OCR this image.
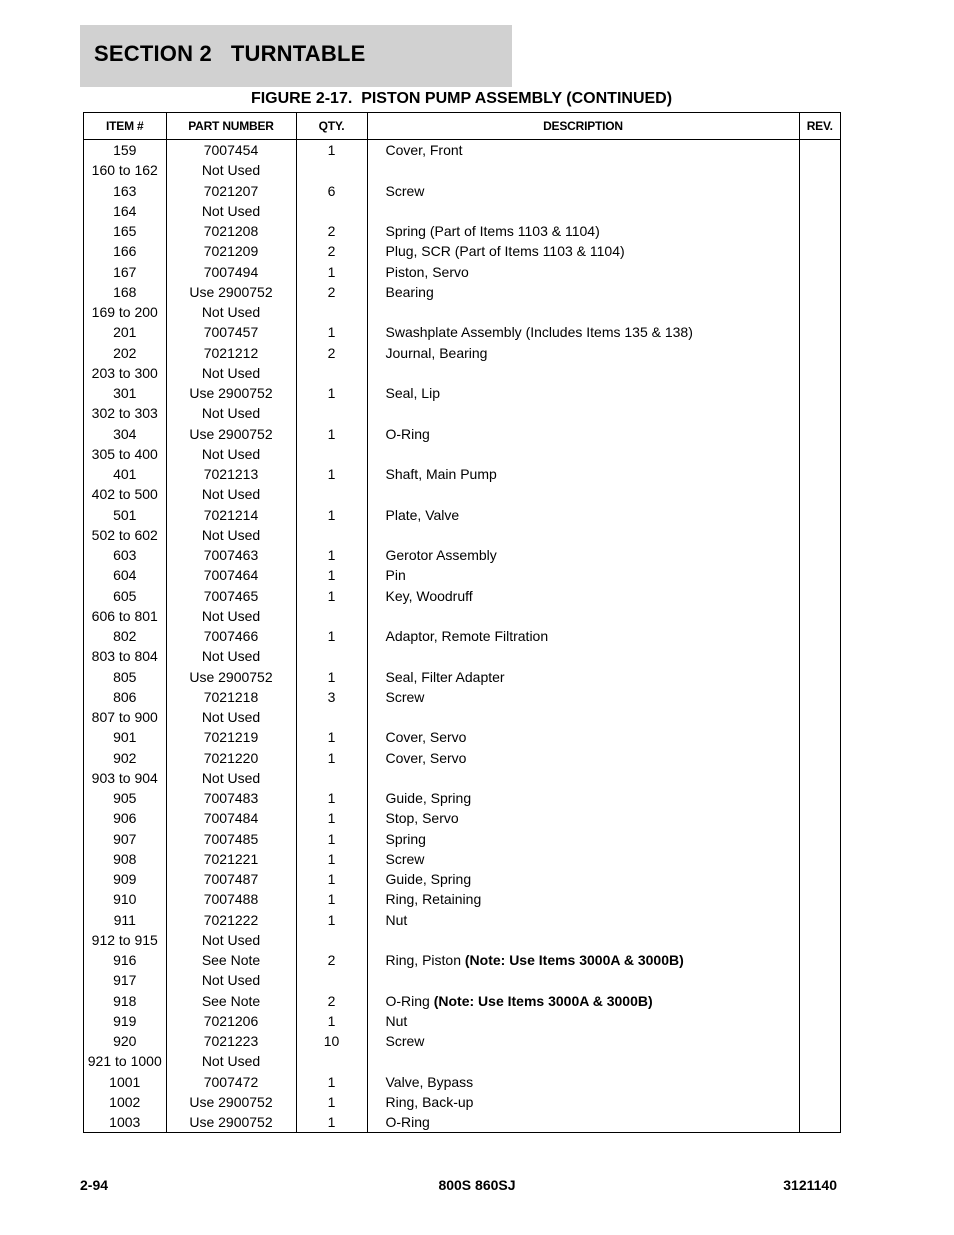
SECTION 2   TURNTABLE
FIGURE 2-17.  PISTON PUMP ASSEMBLY (CONTINUED)
ITEM #	PART NUMBER	QTY.	DESCRIPTION	REV.
159	7007454	1	Cover, Front	
160 to 162	Not Used			
163	7021207	6	Screw	
164	Not Used			
165	7021208	2	Spring (Part of Items 1103 & 1104)	
166	7021209	2	Plug, SCR (Part of Items 1103 & 1104)	
167	7007494	1	Piston, Servo	
168	Use 2900752	2	Bearing	
169 to 200	Not Used			
201	7007457	1	Swashplate Assembly (Includes Items 135 & 138)	
202	7021212	2	Journal, Bearing	
203 to 300	Not Used			
301	Use 2900752	1	Seal, Lip	
302 to 303	Not Used			
304	Use 2900752	1	O-Ring	
305 to 400	Not Used			
401	7021213	1	Shaft, Main Pump	
402 to 500	Not Used			
501	7021214	1	Plate, Valve	
502 to 602	Not Used			
603	7007463	1	Gerotor Assembly	
604	7007464	1	Pin	
605	7007465	1	Key, Woodruff	
606 to 801	Not Used			
802	7007466	1	Adaptor, Remote Filtration	
803 to 804	Not Used			
805	Use 2900752	1	Seal, Filter Adapter	
806	7021218	3	Screw	
807 to 900	Not Used			
901	7021219	1	Cover, Servo	
902	7021220	1	Cover, Servo	
903 to 904	Not Used			
905	7007483	1	Guide, Spring	
906	7007484	1	Stop, Servo	
907	7007485	1	Spring	
908	7021221	1	Screw	
909	7007487	1	Guide, Spring	
910	7007488	1	Ring, Retaining	
911	7021222	1	Nut	
912 to 915	Not Used			
916	See Note	2	Ring, Piston (Note: Use Items 3000A & 3000B)	
917	Not Used			
918	See Note	2	O-Ring (Note: Use Items 3000A & 3000B)	
919	7021206	1	Nut	
920	7021223	10	Screw	
921 to 1000	Not Used			
1001	7007472	1	Valve, Bypass	
1002	Use 2900752	1	Ring, Back-up	
1003	Use 2900752	1	O-Ring	

2-94	800S 860SJ	3121140
